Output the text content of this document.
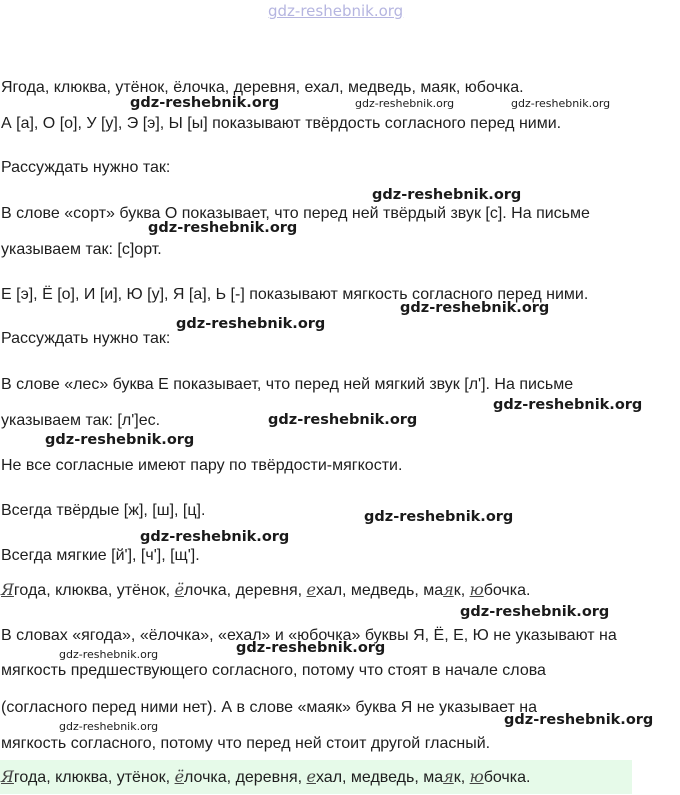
gdz-reshebnik.org

Ягода, клюква, утёнок, ёлочка, деревня, ехал, медведь, маяк, юбочка.

А [а], О [о], У [у], Э [э], Ы [ы] показывают твёрдость согласного перед ними.

Рассуждать нужно так:

В слове «сорт» буква О показывает, что перед ней твёрдый звук [с]. На письме

указываем так: [с]орт.

Е [э], Ё [о], И [и], Ю [у], Я [а], Ь [-] показывают мягкость согласного перед ними.

Рассуждать нужно так:

В слове «лес» буква Е показывает, что перед ней мягкий звук [л']. На письме

указываем так: [л']ес.

Не все согласные имеют пару по твёрдости-мягкости.

Всегда твёрдые [ж], [ш], [ц].

Всегда мягкие [й'], [ч'], [щ'].

Ягода, клюква, утёнок, ёлочка, деревня, ехал, медведь, маяк, юбочка.

В словах «ягода», «ёлочка», «ехал» и «юбочка» буквы Я, Ё, Е, Ю не указывают на

мягкость предшествующего согласного, потому что стоят в начале слова

(согласного перед ними нет). А в слове «маяк» буква Я не указывает на

мягкость согласного, потому что перед ней стоит другой гласный.

Ягода, клюква, утёнок, ёлочка, деревня, ехал, медведь, маяк, юбочка.

gdz-reshebnik.org	gdz-reshebnik.org	gdz-reshebnik.org
gdz-reshebnik.org
gdz-reshebnik.org
gdz-reshebnik.org
gdz-reshebnik.org
gdz-reshebnik.org
gdz-reshebnik.org
gdz-reshebnik.org
gdz-reshebnik.org
gdz-reshebnik.org
gdz-reshebnik.org
gdz-reshebnik.org
gdz-reshebnik.org
gdz-reshebnik.org
gdz-reshebnik.org
